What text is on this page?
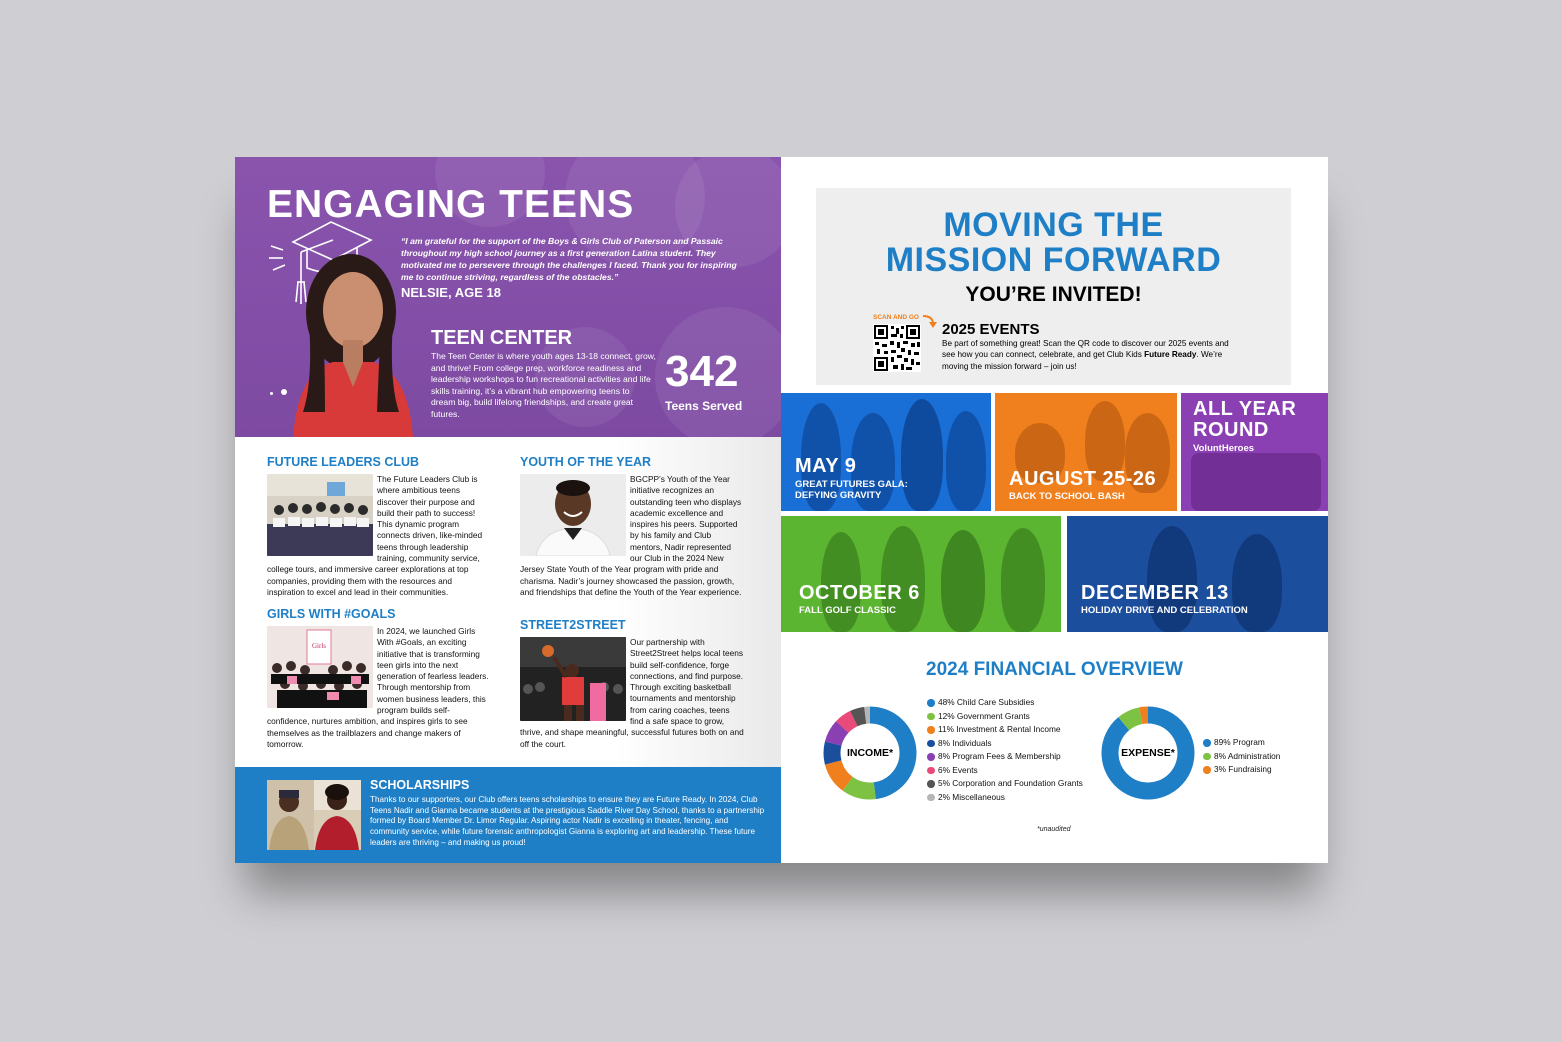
ENGAGING TEENS

“I am grateful for the support of the Boys & Girls Club of Paterson and Passaic throughout my high school journey as a first generation Latina student. They motivated me to persevere through the challenges I faced. Thank you for inspiring me to continue striving, regardless of the obstacles.”

NELSIE, AGE 18

TEEN CENTER

The Teen Center is where youth ages 13-18 connect, grow, and thrive! From college prep, workforce readiness and leadership workshops to fun recreational activities and life skills training, it’s a vibrant hub empowering teens to dream big, build lifelong friendships, and create great futures.

342

Teens Served

FUTURE LEADERS CLUB

The Future Leaders Club is where ambitious teens discover their purpose and build their path to success! This dynamic program connects driven, like-minded teens through leadership training, community service, college tours, and immersive career explorations at top companies, providing them with the resources and inspiration to excel and lead in their communities.

GIRLS WITH #GOALS
Girls

In 2024, we launched Girls With #Goals, an exciting initiative that is transforming teen girls into the next generation of fearless leaders. Through mentorship from women business leaders, this program builds self-confidence, nurtures ambition, and inspires girls to see themselves as the trailblazers and change makers of tomorrow.

YOUTH OF THE YEAR

BGCPP’s Youth of the Year initiative recognizes an outstanding teen who displays academic excellence and inspires his peers. Supported by his family and Club mentors, Nadir represented our Club in the 2024 New Jersey State Youth of the Year program with pride and charisma. Nadir’s journey showcased the passion, growth, and friendships that define the Youth of the Year experience.

STREET2STREET

Our partnership with Street2Street helps local teens build self-confidence, forge connections, and find purpose. Through exciting basketball tournaments and mentorship from caring coaches, teens find a safe space to grow, thrive, and shape meaningful, successful futures both on and off the court.

SCHOLARSHIPS

Thanks to our supporters, our Club offers teens scholarships to ensure they are Future Ready. In 2024, Club Teens Nadir and Gianna became students at the prestigious Saddle River Day School, thanks to a partnership formed by Board Member Dr. Limor Regular. Aspiring actor Nadir is excelling in theater, fencing, and community service, while future forensic anthropologist Gianna is exploring art and leadership. These future leaders are thriving – and making us proud!

MOVING THE
MISSION FORWARD

YOU’RE INVITED!

SCAN AND GO

2025 EVENTS

Be part of something great! Scan the QR code to discover our 2025 events and see how you can connect, celebrate, and get Club Kids Future Ready. We’re moving the mission forward – join us!

MAY 9

GREAT FUTURES GALA:
DEFYING GRAVITY

AUGUST 25-26

BACK TO SCHOOL BASH

ALL YEAR
ROUND

VoluntHeroes

OCTOBER 6

FALL GOLF CLASSIC

DECEMBER 13

HOLIDAY DRIVE AND CELEBRATION

2024 FINANCIAL OVERVIEW

INCOME*

48% Child Care Subsidies
12% Government Grants
11% Investment & Rental Income
8% Individuals
8% Program Fees & Membership
6% Events
5% Corporation and Foundation Grants
2% Miscellaneous

EXPENSE*

89% Program
8% Administration
3% Fundraising

*unaudited
